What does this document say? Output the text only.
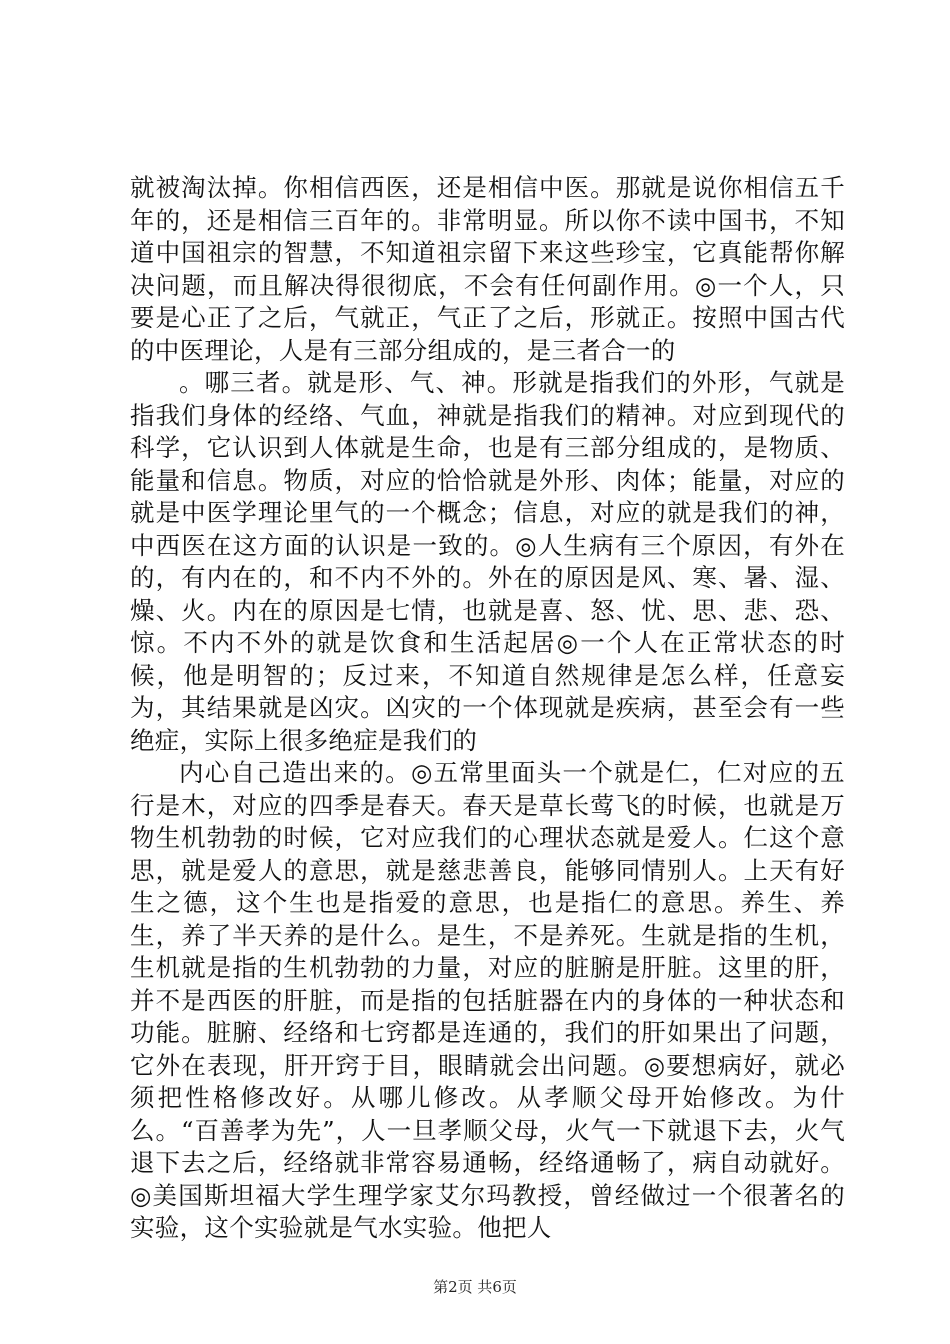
就被淘汰掉。你相信西医，还是相信中医。那就是说你相信五千年的，还是相信三百年的。非常明显。所以你不读中国书，不知道中国祖宗的智慧，不知道祖宗留下来这些珍宝，它真能帮你解决问题，而且解决得很彻底，不会有任何副作用。◎一个人，只要是心正了之后，气就正，气正了之后，形就正。按照中国古代的中医理论，人是有三部分组成的，是三者合一的

。哪三者。就是形、气、神。形就是指我们的外形，气就是指我们身体的经络、气血，神就是指我们的精神。对应到现代的科学，它认识到人体就是生命，也是有三部分组成的，是物质、能量和信息。物质，对应的恰恰就是外形、肉体；能量，对应的就是中医学理论里气的一个概念；信息，对应的就是我们的神，中西医在这方面的认识是一致的。◎人生病有三个原因，有外在的，有内在的，和不内不外的。外在的原因是风、寒、暑、湿、燥、火。内在的原因是七情，也就是喜、怒、忧、思、悲、恐、惊。不内不外的就是饮食和生活起居◎一个人在正常状态的时候，他是明智的；反过来，不知道自然规律是怎么样，任意妄为，其结果就是凶灾。凶灾的一个体现就是疾病，甚至会有一些绝症，实际上很多绝症是我们的

内心自己造出来的。◎五常里面头一个就是仁，仁对应的五行是木，对应的四季是春天。春天是草长莺飞的时候，也就是万物生机勃勃的时候，它对应我们的心理状态就是爱人。仁这个意思，就是爱人的意思，就是慈悲善良，能够同情别人。上天有好生之德，这个生也是指爱的意思，也是指仁的意思。养生、养生，养了半天养的是什么。是生，不是养死。生就是指的生机，生机就是指的生机勃勃的力量，对应的脏腑是肝脏。这里的肝，并不是西医的肝脏，而是指的包括脏器在内的身体的一种状态和功能。脏腑、经络和七窍都是连通的，我们的肝如果出了问题，它外在表现，肝开窍于目，眼睛就会出问题。◎要想病好，就必须把性格修改好。从哪儿修改。从孝顺父母开始修改。为什么。“百善孝为先”，人一旦孝顺父母，火气一下就退下去，火气退下去之后，经络就非常容易通畅，经络通畅了，病自动就好。◎美国斯坦福大学生理学家艾尔玛教授，曾经做过一个很著名的实验，这个实验就是气水实验。他把人

第2页 共6页
